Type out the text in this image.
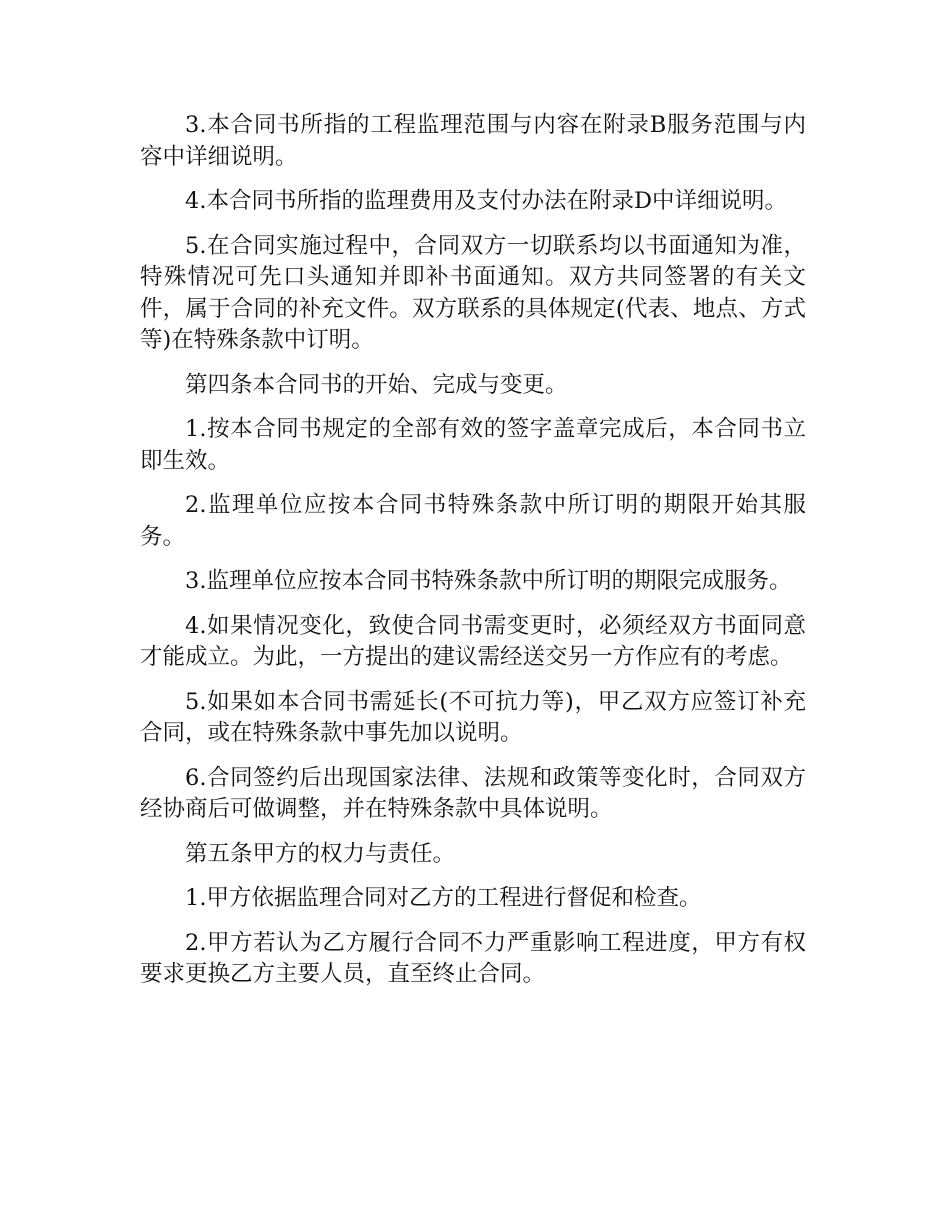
3.本合同书所指的工程监理范围与内容在附录B服务范围与内容中详细说明。

4.本合同书所指的监理费用及支付办法在附录D中详细说明。

5.在合同实施过程中，合同双方一切联系均以书面通知为准，特殊情况可先口头通知并即补书面通知。双方共同签署的有关文件，属于合同的补充文件。双方联系的具体规定(代表、地点、方式等)在特殊条款中订明。

第四条本合同书的开始、完成与变更。

1.按本合同书规定的全部有效的签字盖章完成后，本合同书立即生效。

2.监理单位应按本合同书特殊条款中所订明的期限开始其服务。

3.监理单位应按本合同书特殊条款中所订明的期限完成服务。

4.如果情况变化，致使合同书需变更时，必须经双方书面同意才能成立。为此，一方提出的建议需经送交另一方作应有的考虑。

5.如果如本合同书需延长(不可抗力等)，甲乙双方应签订补充合同，或在特殊条款中事先加以说明。

6.合同签约后出现国家法律、法规和政策等变化时，合同双方经协商后可做调整，并在特殊条款中具体说明。

第五条甲方的权力与责任。

1.甲方依据监理合同对乙方的工程进行督促和检查。

2.甲方若认为乙方履行合同不力严重影响工程进度，甲方有权要求更换乙方主要人员，直至终止合同。
